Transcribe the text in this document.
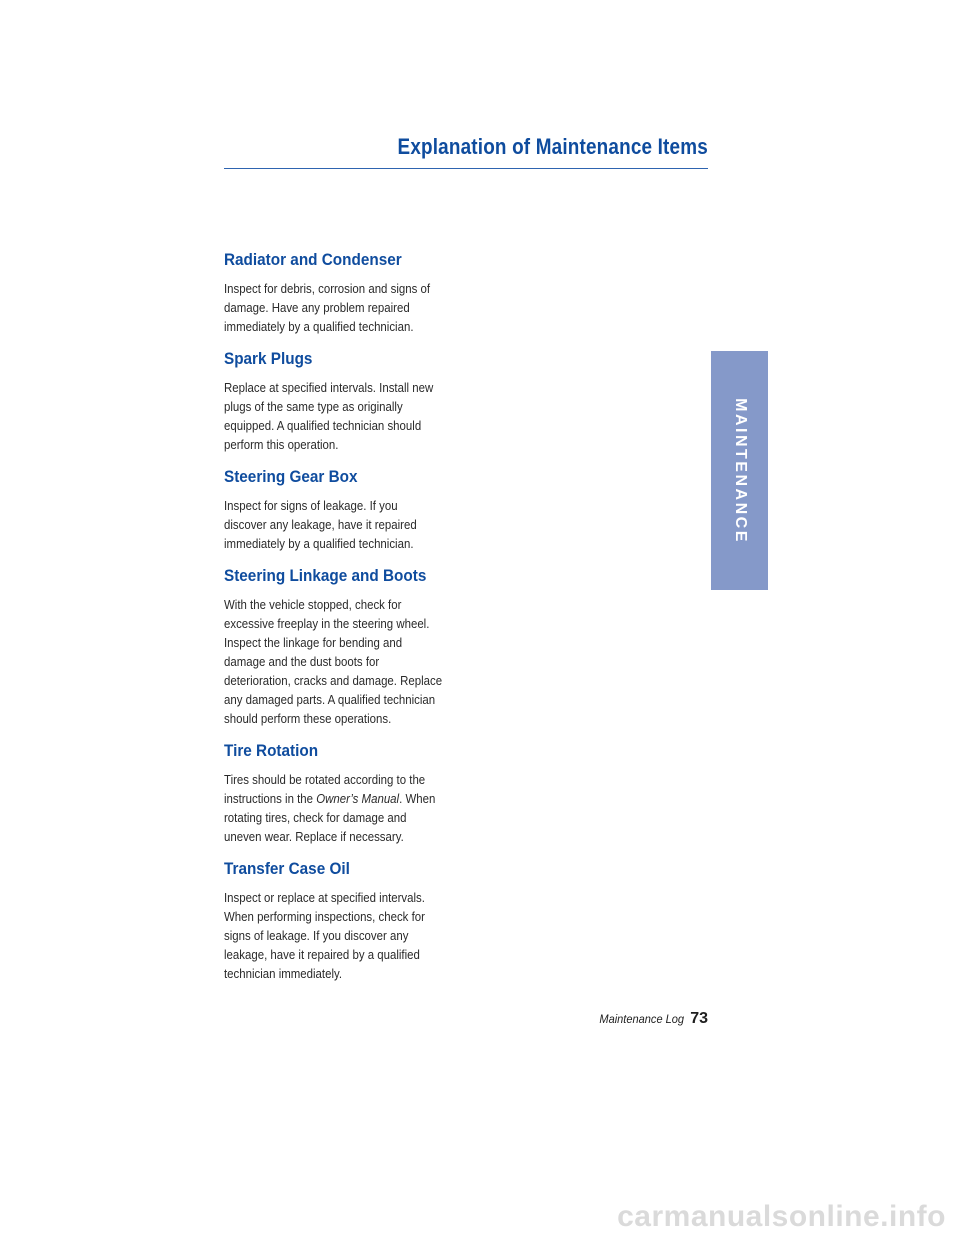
Explanation of Maintenance Items
Radiator and Condenser

Inspect for debris, corrosion and signs of
damage. Have any problem repaired
immediately by a qualified technician.

Spark Plugs

Replace at specified intervals. Install new
plugs of the same type as originally
equipped. A qualified technician should
perform this operation.

Steering Gear Box

Inspect for signs of leakage. If you
discover any leakage, have it repaired
immediately by a qualified technician.

Steering Linkage and Boots

With the vehicle stopped, check for
excessive freeplay in the steering wheel.
Inspect the linkage for bending and
damage and the dust boots for
deterioration, cracks and damage. Replace
any damaged parts. A qualified technician
should perform these operations.

Tire Rotation

Tires should be rotated according to the
instructions in the Owner’s Manual. When
rotating tires, check for damage and
uneven wear. Replace if necessary.

Transfer Case Oil

Inspect or replace at specified intervals.
When performing inspections, check for
signs of leakage. If you discover any
leakage, have it repaired by a qualified
technician immediately.

MAINTENANCE
Maintenance Log 73
carmanualsonline.info
